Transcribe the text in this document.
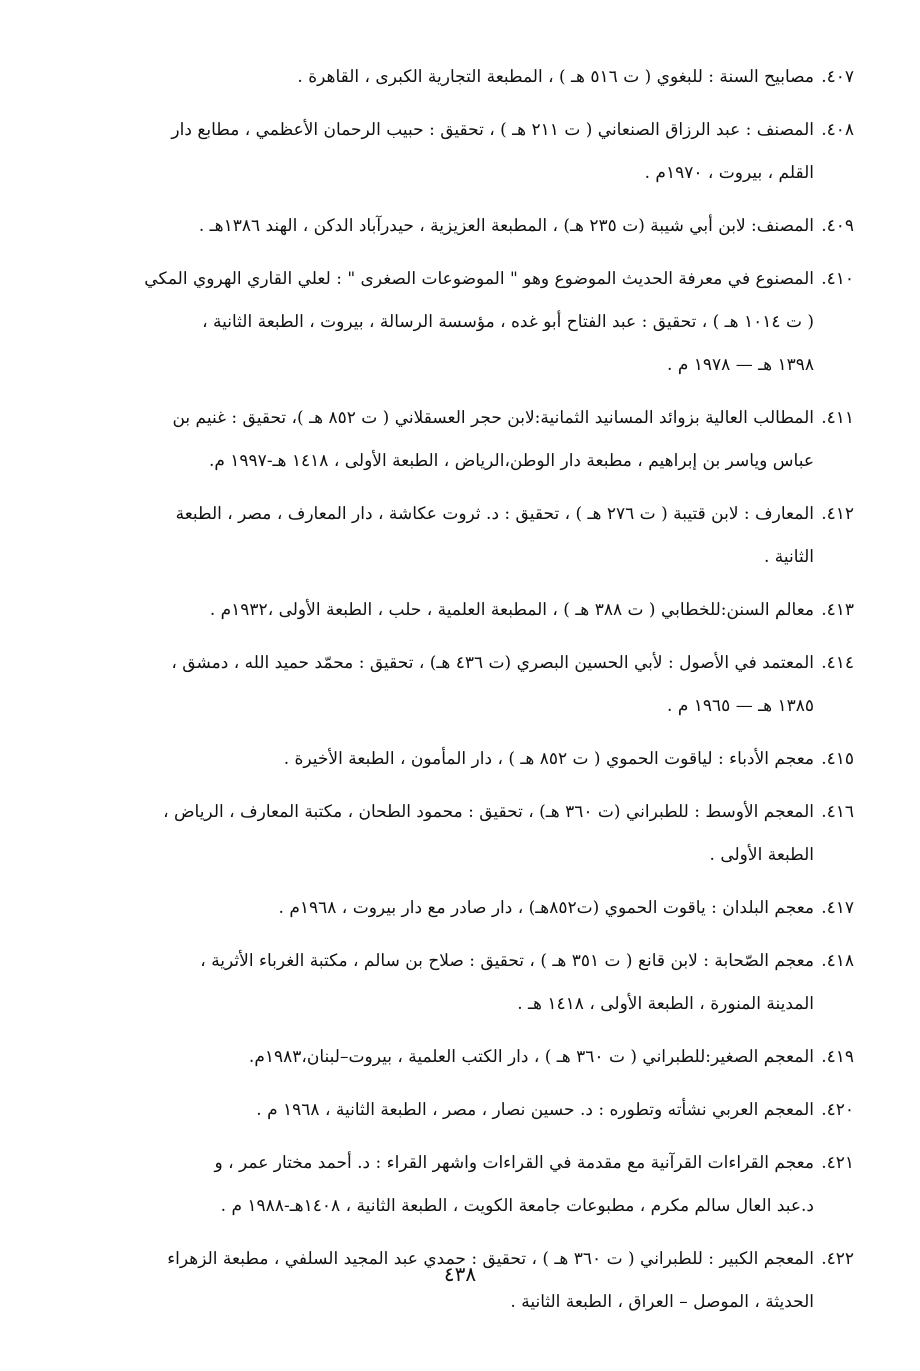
٤٠٧.
مصابيح السنة : للبغوي ( ت ٥١٦ هـ ) ، المطبعة التجارية الكبرى ، القاهرة .
٤٠٨.
المصنف : عبد الرزاق الصنعاني ( ت ٢١١ هـ ) ، تحقيق : حبيب الرحمان الأعظمي ، مطابع دار
القلم ، بيروت ، ١٩٧٠م .
٤٠٩.
المصنف: لابن أبي شيبة (ت ٢٣٥ هـ) ، المطبعة العزيزية ، حيدرآباد الدكن ، الهند ١٣٨٦هـ .
٤١٠.
المصنوع في معرفة الحديث الموضوع وهو " الموضوعات الصغرى " : لعلي القاري الهروي المكي
( ت ١٠١٤ هـ ) ، تحقيق : عبد الفتاح أبو غده ، مؤسسة الرسالة ، بيروت ، الطبعة الثانية ،
١٣٩٨ هـ — ١٩٧٨ م .
٤١١.
المطالب العالية بزوائد المسانيد الثمانية:لابن حجر العسقلاني ( ت ٨٥٢ هـ )، تحقيق : غنيم بن
عباس وياسر بن إبراهيم ، مطبعة دار الوطن،الرياض ، الطبعة الأولى ، ١٤١٨ هـ-١٩٩٧ م.
٤١٢.
المعارف : لابن قتيبة ( ت ٢٧٦ هـ ) ، تحقيق : د. ثروت عكاشة ، دار المعارف ، مصر ، الطبعة
الثانية .
٤١٣.
معالم السنن:للخطابي ( ت ٣٨٨ هـ ) ، المطبعة العلمية ، حلب ، الطبعة الأولى ،١٩٣٢م .
٤١٤.
المعتمد في الأصول : لأبي الحسين البصري (ت ٤٣٦ هـ) ، تحقيق : محمّد حميد الله ، دمشق ،
١٣٨٥ هـ — ١٩٦٥ م .
٤١٥.
معجم الأدباء : لياقوت الحموي ( ت ٨٥٢ هـ ) ، دار المأمون ، الطبعة الأخيرة .
٤١٦.
المعجم الأوسط : للطبراني (ت ٣٦٠ هـ) ، تحقيق : محمود الطحان ، مكتبة المعارف ، الرياض ،
الطبعة الأولى .
٤١٧.
معجم البلدان : ياقوت الحموي (ت٨٥٢هـ) ، دار صادر مع دار بيروت ، ١٩٦٨م .
٤١٨.
معجم الصّحابة : لابن قانع ( ت ٣٥١ هـ ) ، تحقيق : صلاح بن سالم ، مكتبة الغرباء الأثرية ،
المدينة المنورة ، الطبعة الأولى ، ١٤١٨ هـ .
٤١٩.
المعجم الصغير:للطبراني ( ت ٣٦٠ هـ ) ، دار الكتب العلمية ، بيروت–لبنان،١٩٨٣م.
٤٢٠.
المعجم العربي نشأته وتطوره : د. حسين نصار ، مصر ، الطبعة الثانية ، ١٩٦٨ م .
٤٢١.
معجم القراءات القرآنية مع مقدمة في القراءات واشهر القراء : د. أحمد مختار عمر ، و
د.عبد العال سالم مكرم ، مطبوعات جامعة الكويت ، الطبعة الثانية ، ١٤٠٨هـ-١٩٨٨ م .
٤٢٢.
المعجم الكبير : للطبراني ( ت ٣٦٠ هـ ) ، تحقيق : حمدي عبد المجيد السلفي ، مطبعة الزهراء
الحديثة ، الموصل – العراق ، الطبعة الثانية .
٤٣٨
